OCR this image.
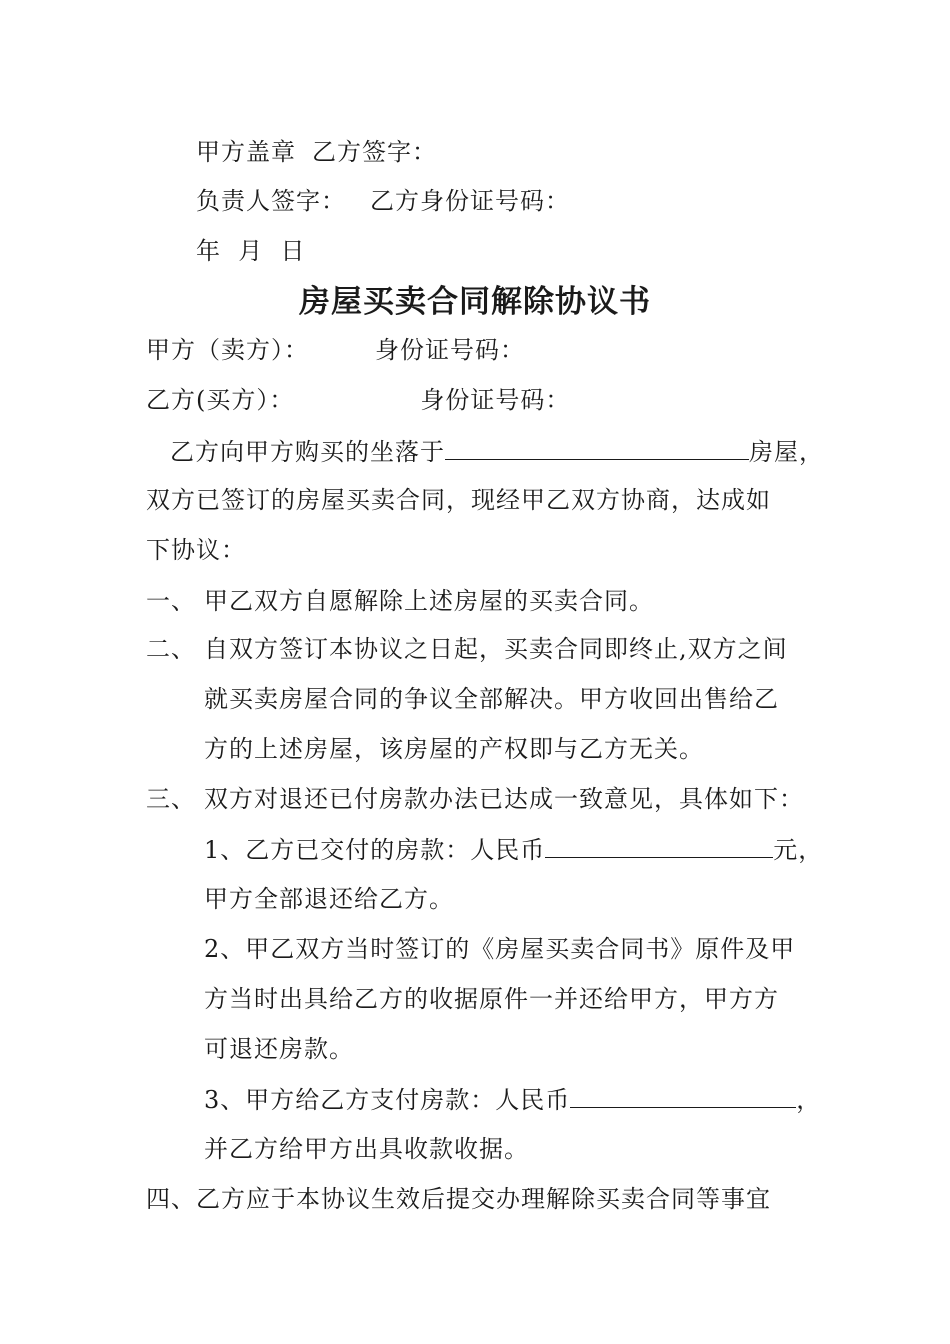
甲方盖章 乙方签字：
负责人签字： 乙方身份证号码：
年  月  日
房屋买卖合同解除协议书
甲方（卖方）：	身份证号码：
乙方(买方）：	身份证号码：
乙方向甲方购买的坐落于	房屋，
双方已签订的房屋买卖合同，现经甲乙双方协商，达成如
下协议：
一、 甲乙双方自愿解除上述房屋的买卖合同。
二、 自双方签订本协议之日起，买卖合同即终止,双方之间
就买卖房屋合同的争议全部解决。甲方收回出售给乙
方的上述房屋，该房屋的产权即与乙方无关。
三、 双方对退还已付房款办法已达成一致意见，具体如下：
1、乙方已交付的房款：人民币	元，
甲方全部退还给乙方。
2、甲乙双方当时签订的《房屋买卖合同书》原件及甲
方当时出具给乙方的收据原件一并还给甲方，甲方方
可退还房款。
3、甲方给乙方支付房款：人民币	，
并乙方给甲方出具收款收据。
四、乙方应于本协议生效后提交办理解除买卖合同等事宜
